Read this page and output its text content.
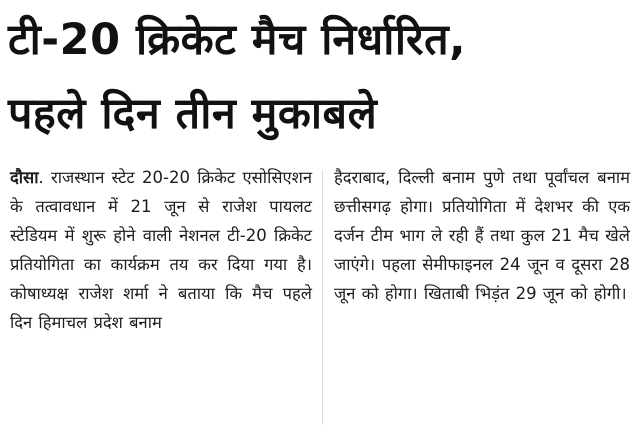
टी-20 क्रिकेट मैच निर्धारित,
पहले दिन तीन मुकाबले
दौसा. राजस्थान स्टेट 20-20 क्रिकेट एसोसिएशन के तत्वावधान में 21 जून से राजेश पायलट स्टेडियम में शुरू होने वाली नेशनल टी-20 क्रिकेट प्रतियोगिता का कार्यक्रम तय कर दिया गया है। कोषाध्यक्ष राजेश शर्मा ने बताया कि मैच पहले दिन हिमाचल प्रदेश बनाम
हैदराबाद, दिल्ली बनाम पुणे तथा पूर्वांचल बनाम छत्तीसगढ़ होगा। प्रतियोगिता में देशभर की एक दर्जन टीम भाग ले रही हैं तथा कुल 21 मैच खेले जाएंगे। पहला सेमीफाइनल 24 जून व दूसरा 28 जून को होगा। खिताबी भिड़ंत 29 जून को होगी।
